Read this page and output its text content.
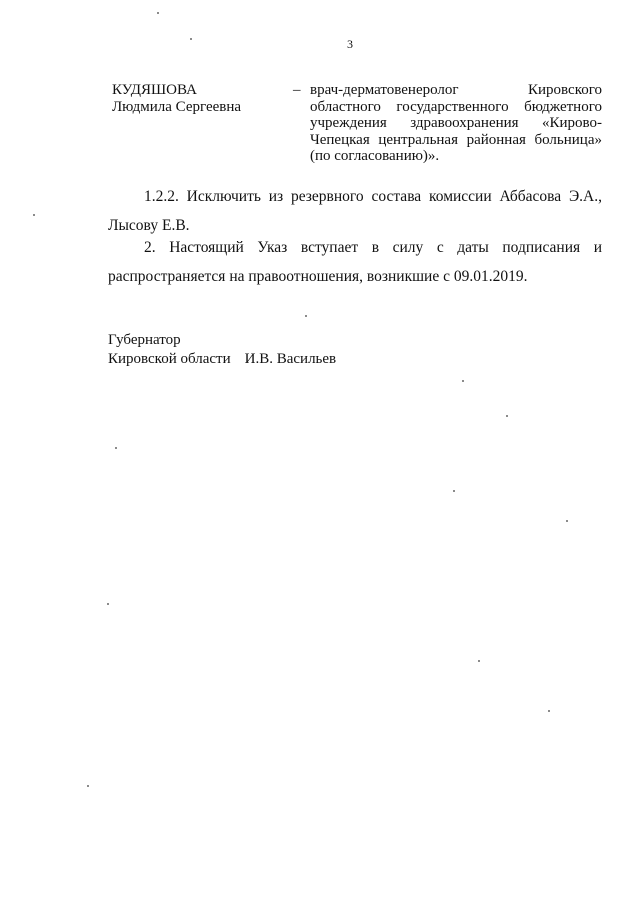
3
КУДЯШОВА
Людмила Сергеевна
– врач-дерматовенеролог Кировского областного государственного бюджетного учреждения здравоохранения «Кирово-Чепецкая центральная районная больница» (по согласованию)».
1.2.2. Исключить из резервного состава комиссии Аббасова Э.А., Лысову Е.В.
2. Настоящий Указ вступает в силу с даты подписания и распространяется на правоотношения, возникшие с 09.01.2019.
Губернатор
Кировской области И.В. Васильев
